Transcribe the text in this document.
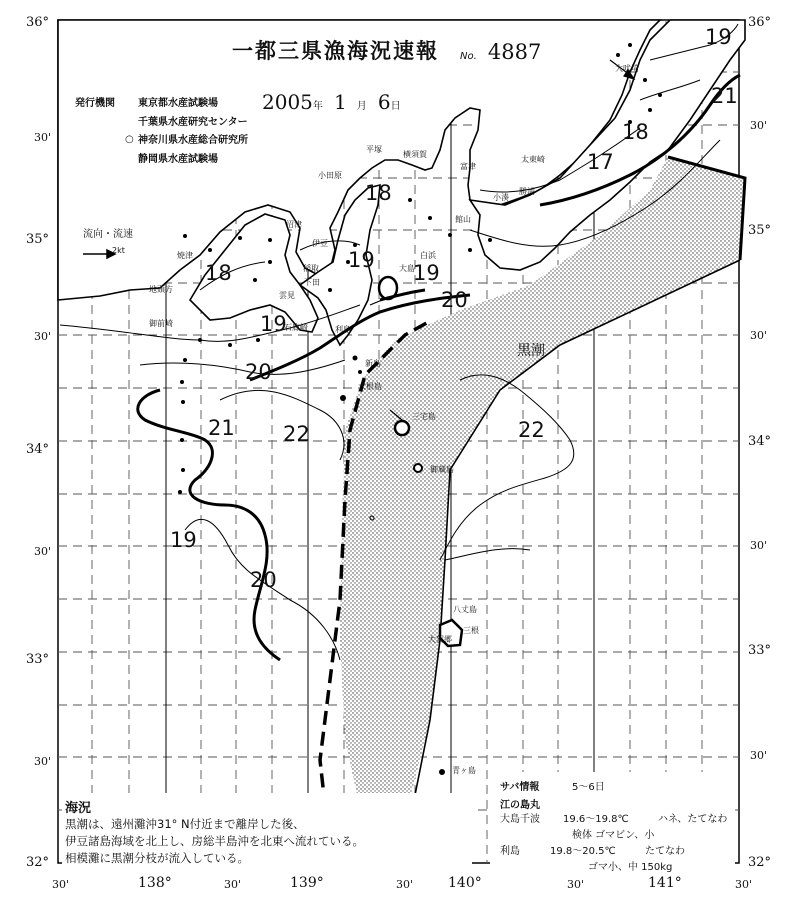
一都三県漁海況速報 No. 4887
2005年 1 月 6日
発行機関 東京都水産試験場
千葉県水産研究センター
○ 神奈川県水産総合研究所
静岡県水産試験場
流向・流速
2kt
36°
30'
35°
30'
34°
30'
33°
30'
32°
36°
30'
35°
30'
34°
30'
33°
30'
32°
30'	138°	30'	139°	30' 140°	30'	141°	30'
黒潮
19
21
18
17
18
19
19
20
18
19
20
21 22	22
19
20
大吠埼
平塚
横須賀
富津
小田原
太東崎
館山
勝浦
沼津
伊豆
大島
焼津
稲取
下田
雲見
石廊崎
御前崎
地頭方
利島
新島
式根島
三宅島
御蔵島
八丈島
三根
大賀郷
青ヶ島
小湊
白浜
海況
黒潮は、遠州灘沖31° N付近まで離岸した後、
伊豆諸島海域を北上し、房総半島沖を北東へ流れている。
相模灘に黒潮分枝が流入している。
サバ情報	5～6日
江の島丸
大島千波 19.6～19.8℃	ハネ、たてなわ
検体 ゴマビン、小
利島	19.8～20.5℃	たてなわ
ゴマ小、中 150kg
